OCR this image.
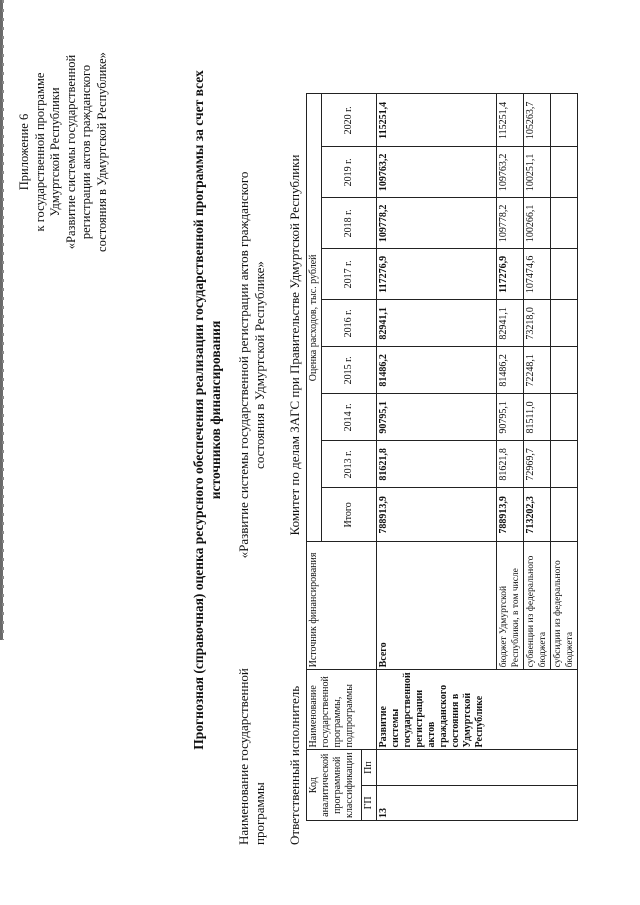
Приложение 6 к государственной программе Удмуртской Республики «Развитие системы государственной регистрации актов гражданского состояния в Удмуртской Республике»	Прогнозная (справочная) оценка ресурсного обеспечения реализации государственной программы за счет всех источников финансирования
Наименование государственной программы«Развитие системы государственной регистрации актов гражданского
состояния в Удмуртской Республике»
Ответственный исполнительКомитет по делам ЗАГС при Правительстве Удмуртской Республики
Код аналитической программной классификации		Наименование государственной программы, подпрограммы	Источник финансирования	Оценка расходов, тыс. рублей								
				Итого	2013 г.	2014 г.	2015 г.	2016 г.	2017 г.	2018 г.	2019 г.	2020 г.
ГП	Пп											
13		Развитие системы государственной регистрации актов гражданского состояния в Удмуртской Республике	Всего	788913,9	81621,8	90795,1	81486,2	82941,1	117276,9	109778,2	109763,2	115251,4
			бюджет Удмуртской Республики, в том числе	788913,9	81621,8	90795,1	81486,2	82941,1	117276,9	109778,2	109763,2	115251,4
			субвенции из федерального бюджета	713202,3	72969,7	81511,0	72248,1	73218,0	107474,6	100266,1	100251,1	105263,7
			субсидии из федерального бюджета									
